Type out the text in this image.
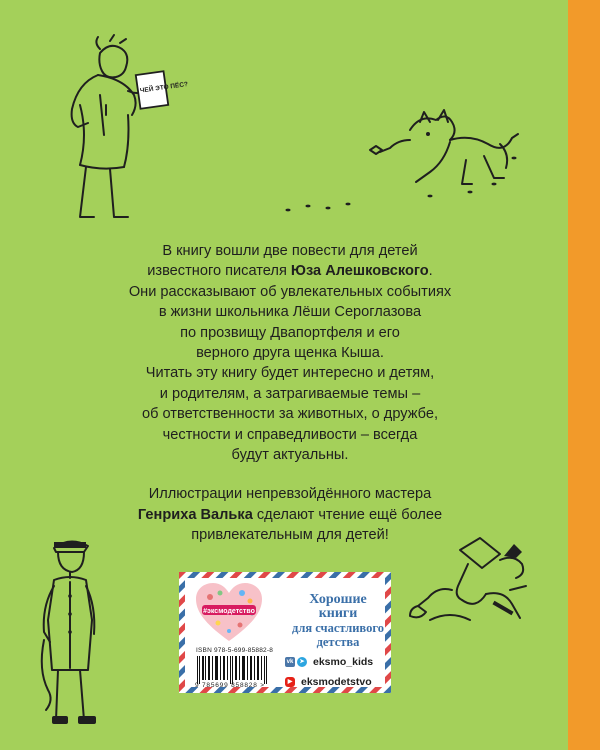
ЧЕЙ ЭТО ПЁС?

В книгу вошли две повести для детей

известного писателя Юза Алешковского.

Они рассказывают об увлекательных событиях

в жизни школьника Лёши Сероглазова

по прозвищу Двапортфеля и его

верного друга щенка Кыша.

Читать эту книгу будет интересно и детям,

и родителям, а затрагиваемые темы –

об ответственности за животных, о дружбе,

честности и справедливости – всегда

будут актуальны.

Иллюстрации непревзойдённого мастера

Генриха Валька сделают чтение ещё более

привлекательным для детей!

#эксмодетство
Хорошие
книги
для счастливого
детства
ISBN 978-5-699-85882-8
9 785699 858828 >
vk	➤ eksmo_kids
▶ eksmodetstvo
